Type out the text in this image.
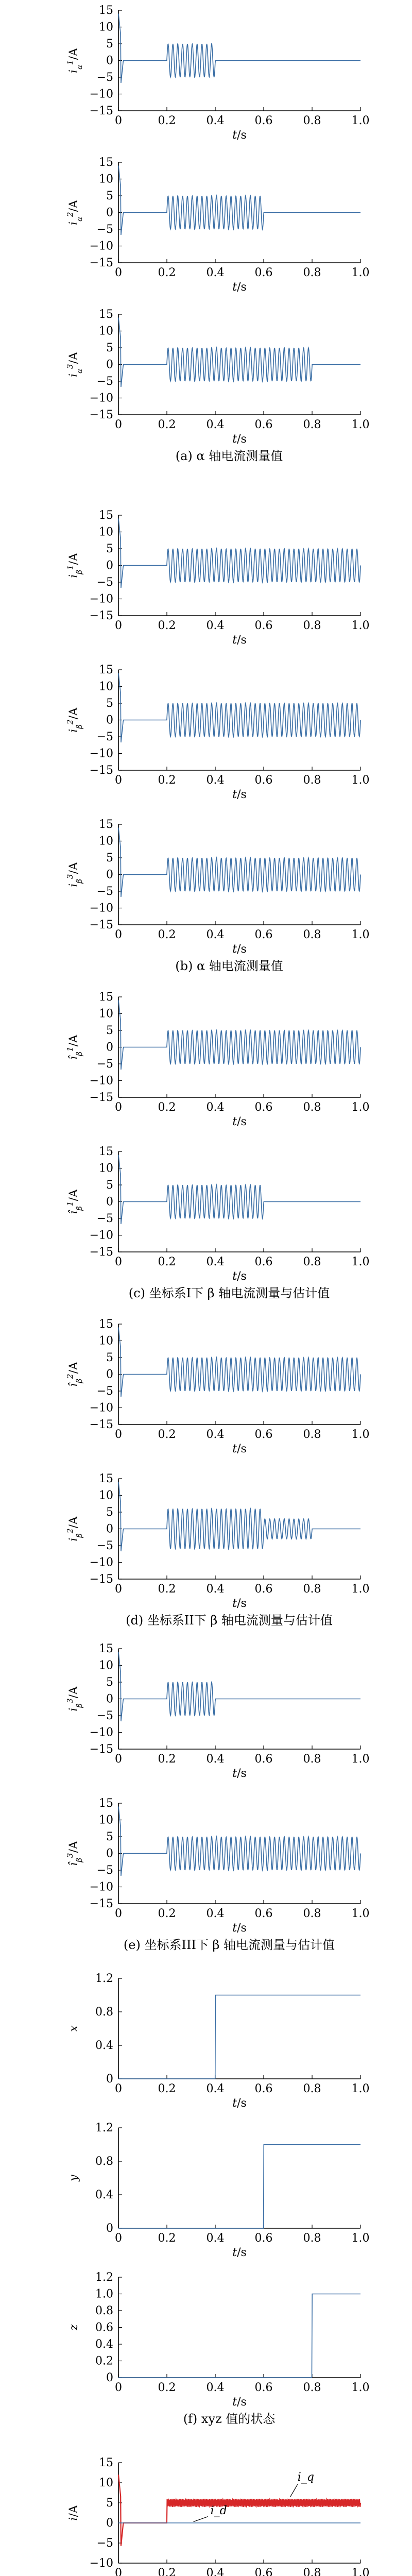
15
10
5
0
−5
−10
−15
0	0.2	0.4	0.6	0.8	1.0
$i_a^1/A$
t/s
15
10
5
0
−5
−10
−15
0	0.2	0.4	0.6	0.8	1.0
$i_a^2/A$
t/s
15
10
5
0
−5
−10
−15
0	0.2	0.4	0.6	0.8	1.0
$i_a^3/A$
t/s
(a) α 轴电流测量值
15
10
5
0
−5
−10
−15
0	0.2	0.4	0.6	0.8	1.0
$i_\beta^1/A$
t/s
15
10
5
0
−5
−10
−15
0	0.2	0.4	0.6	0.8	1.0
$i_\beta^2/A$
t/s
15
10
5
0
−5
−10
−15
0	0.2	0.4	0.6	0.8	1.0
$i_\beta^3/A$
t/s
(b) α 轴电流测量值
15
10
5
0
−5
−10
−15
0	0.2	0.4	0.6	0.8	1.0
$î_\beta^1/A$
t/s
15
10
5
0
−5
−10
−15
0	0.2	0.4	0.6	0.8	1.0
$î_\beta^1/A$
t/s
(c) 坐标系I下 β 轴电流测量与估计值
15
10
5
0
−5
−10
−15
0	0.2	0.4	0.6	0.8	1.0
$î_\beta^2/A$
t/s
15
10
5
0
−5
−10
−15
0	0.2	0.4	0.6	0.8	1.0
$i_\beta^2/A$
t/s
(d) 坐标系II下 β 轴电流测量与估计值
15
10
5
0
−5
−10
−15
0	0.2	0.4	0.6	0.8	1.0
$i_\beta^3/A$
t/s
15
10
5
0
−5
−10
−15
0	0.2	0.4	0.6	0.8	1.0
$î_\beta^3/A$
t/s
(e) 坐标系III下 β 轴电流测量与估计值
1.2
0.8
0.4
0
0	0.2	0.4	0.6	0.8	1.0
x
t/s
1.2
0.8
0.4
0
0	0.2	0.4	0.6	0.8	1.0
y
t/s
1.2
1.0
0.8
0.6
0.4
0.2
0
0	0.2	0.4	0.6	0.8	1.0
z
t/s
(f) xyz 值的状态
15
10
5
0
−5
−10
0	0.2	0.4	0.6	0.8	1.0
i/A
i_q
i_d
